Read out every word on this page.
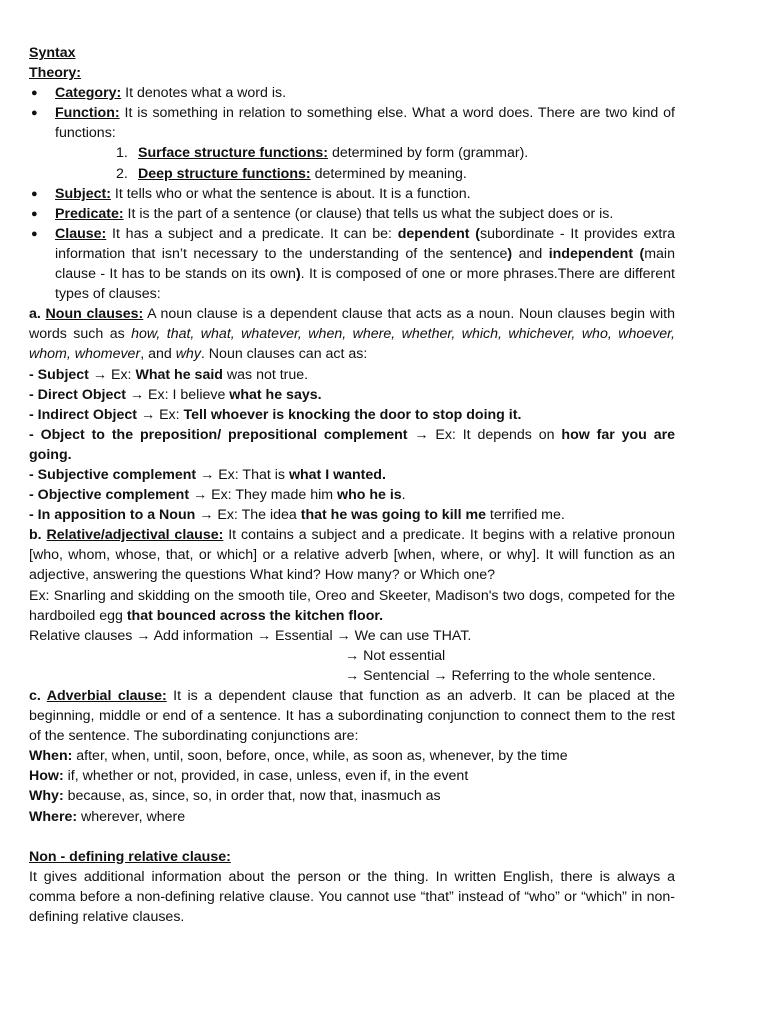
Syntax

Theory:

● Category: It denotes what a word is.
● Function: It is something in relation to something else. What a word does. There are two kind of functions:
1. Surface structure functions: determined by form (grammar).
2. Deep structure functions: determined by meaning.
● Subject: It tells who or what the sentence is about. It is a function.
● Predicate: It is the part of a sentence (or clause) that tells us what the subject does or is.
● Clause: It has a subject and a predicate. It can be: dependent (subordinate - It provides extra information that isn’t necessary to the understanding of the sentence) and independent (main clause - It has to be stands on its own). It is composed of one or more phrases.There are different types of clauses:

a. Noun clauses: A noun clause is a dependent clause that acts as a noun. Noun clauses begin with words such as how, that, what, whatever, when, where, whether, which, whichever, who, whoever, whom, whomever, and why. Noun clauses can act as:

- Subject → Ex: What he said was not true.

- Direct Object → Ex: I believe what he says.

- Indirect Object → Ex: Tell whoever is knocking the door to stop doing it.

- Object to the preposition/ prepositional complement → Ex: It depends on how far you are going.

- Subjective complement → Ex: That is what I wanted.

- Objective complement → Ex: They made him who he is.

- In apposition to a Noun → Ex: The idea that he was going to kill me terrified me.

b. Relative/adjectival clause: It contains a subject and a predicate. It begins with a relative pronoun [who, whom, whose, that, or which] or a relative adverb [when, where, or why]. It will function as an adjective, answering the questions What kind? How many? or Which one?

Ex: Snarling and skidding on the smooth tile, Oreo and Skeeter, Madison's two dogs, competed for the hardboiled egg that bounced across the kitchen floor.

Relative clauses → Add information → Essential → We can use THAT.

→ Not essential

→ Sentencial → Referring to the whole sentence.

c. Adverbial clause: It is a dependent clause that function as an adverb. It can be placed at the beginning, middle or end of a sentence. It has a subordinating conjunction to connect them to the rest of the sentence. The subordinating conjunctions are:

When: after, when, until, soon, before, once, while, as soon as, whenever, by the time

How: if, whether or not, provided, in case, unless, even if, in the event

Why: because, as, since, so, in order that, now that, inasmuch as

Where: wherever, where

Non - defining relative clause:

It gives additional information about the person or the thing. In written English, there is always a comma before a non-defining relative clause. You cannot use “that” instead of “who” or “which” in non-defining relative clauses.
